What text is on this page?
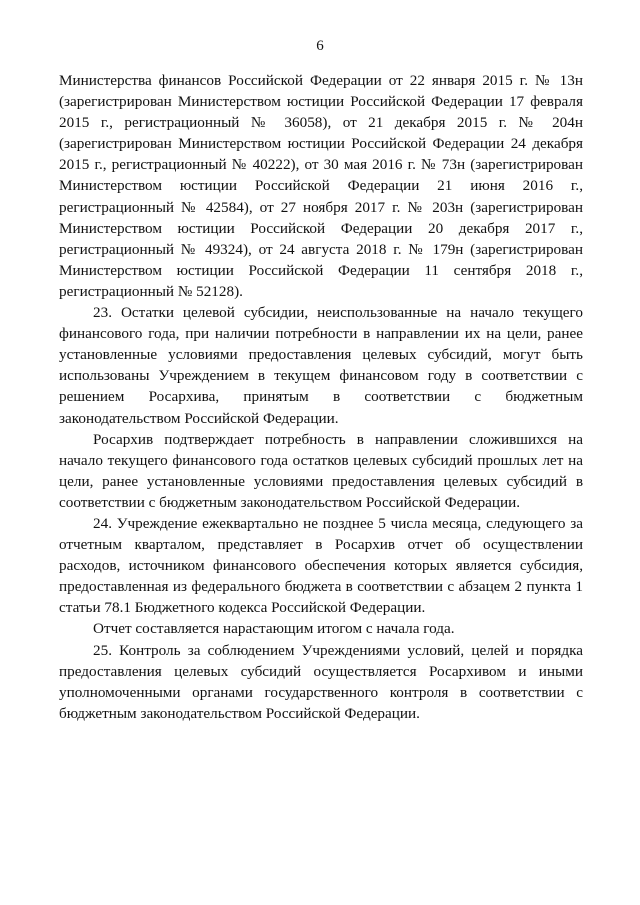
6

Министерства финансов Российской Федерации от 22 января 2015 г. № 13н (зарегистрирован Министерством юстиции Российской Федерации 17 февраля 2015 г., регистрационный № 36058), от 21 декабря 2015 г. № 204н (зарегистрирован Министерством юстиции Российской Федерации 24 декабря 2015 г., регистрационный № 40222), от 30 мая 2016 г. № 73н (зарегистрирован Министерством юстиции Российской Федерации 21 июня 2016 г., регистрационный № 42584), от 27 ноября 2017 г. № 203н (зарегистрирован Министерством юстиции Российской Федерации 20 декабря 2017 г., регистрационный № 49324), от 24 августа 2018 г. № 179н (зарегистрирован Министерством юстиции Российской Федерации 11 сентября 2018 г., регистрационный № 52128).

23. Остатки целевой субсидии, неиспользованные на начало текущего финансового года, при наличии потребности в направлении их на цели, ранее установленные условиями предоставления целевых субсидий, могут быть использованы Учреждением в текущем финансовом году в соответствии с решением Росархива, принятым в соответствии с бюджетным законодательством Российской Федерации.

Росархив подтверждает потребность в направлении сложившихся на начало текущего финансового года остатков целевых субсидий прошлых лет на цели, ранее установленные условиями предоставления целевых субсидий в соответствии с бюджетным законодательством Российской Федерации.

24. Учреждение ежеквартально не позднее 5 числа месяца, следующего за отчетным кварталом, представляет в Росархив отчет об осуществлении расходов, источником финансового обеспечения которых является субсидия, предоставленная из федерального бюджета в соответствии с абзацем 2 пункта 1 статьи 78.1 Бюджетного кодекса Российской Федерации.

Отчет составляется нарастающим итогом с начала года.

25. Контроль за соблюдением Учреждениями условий, целей и порядка предоставления целевых субсидий осуществляется Росархивом и иными уполномоченными органами государственного контроля в соответствии с бюджетным законодательством Российской Федерации.
